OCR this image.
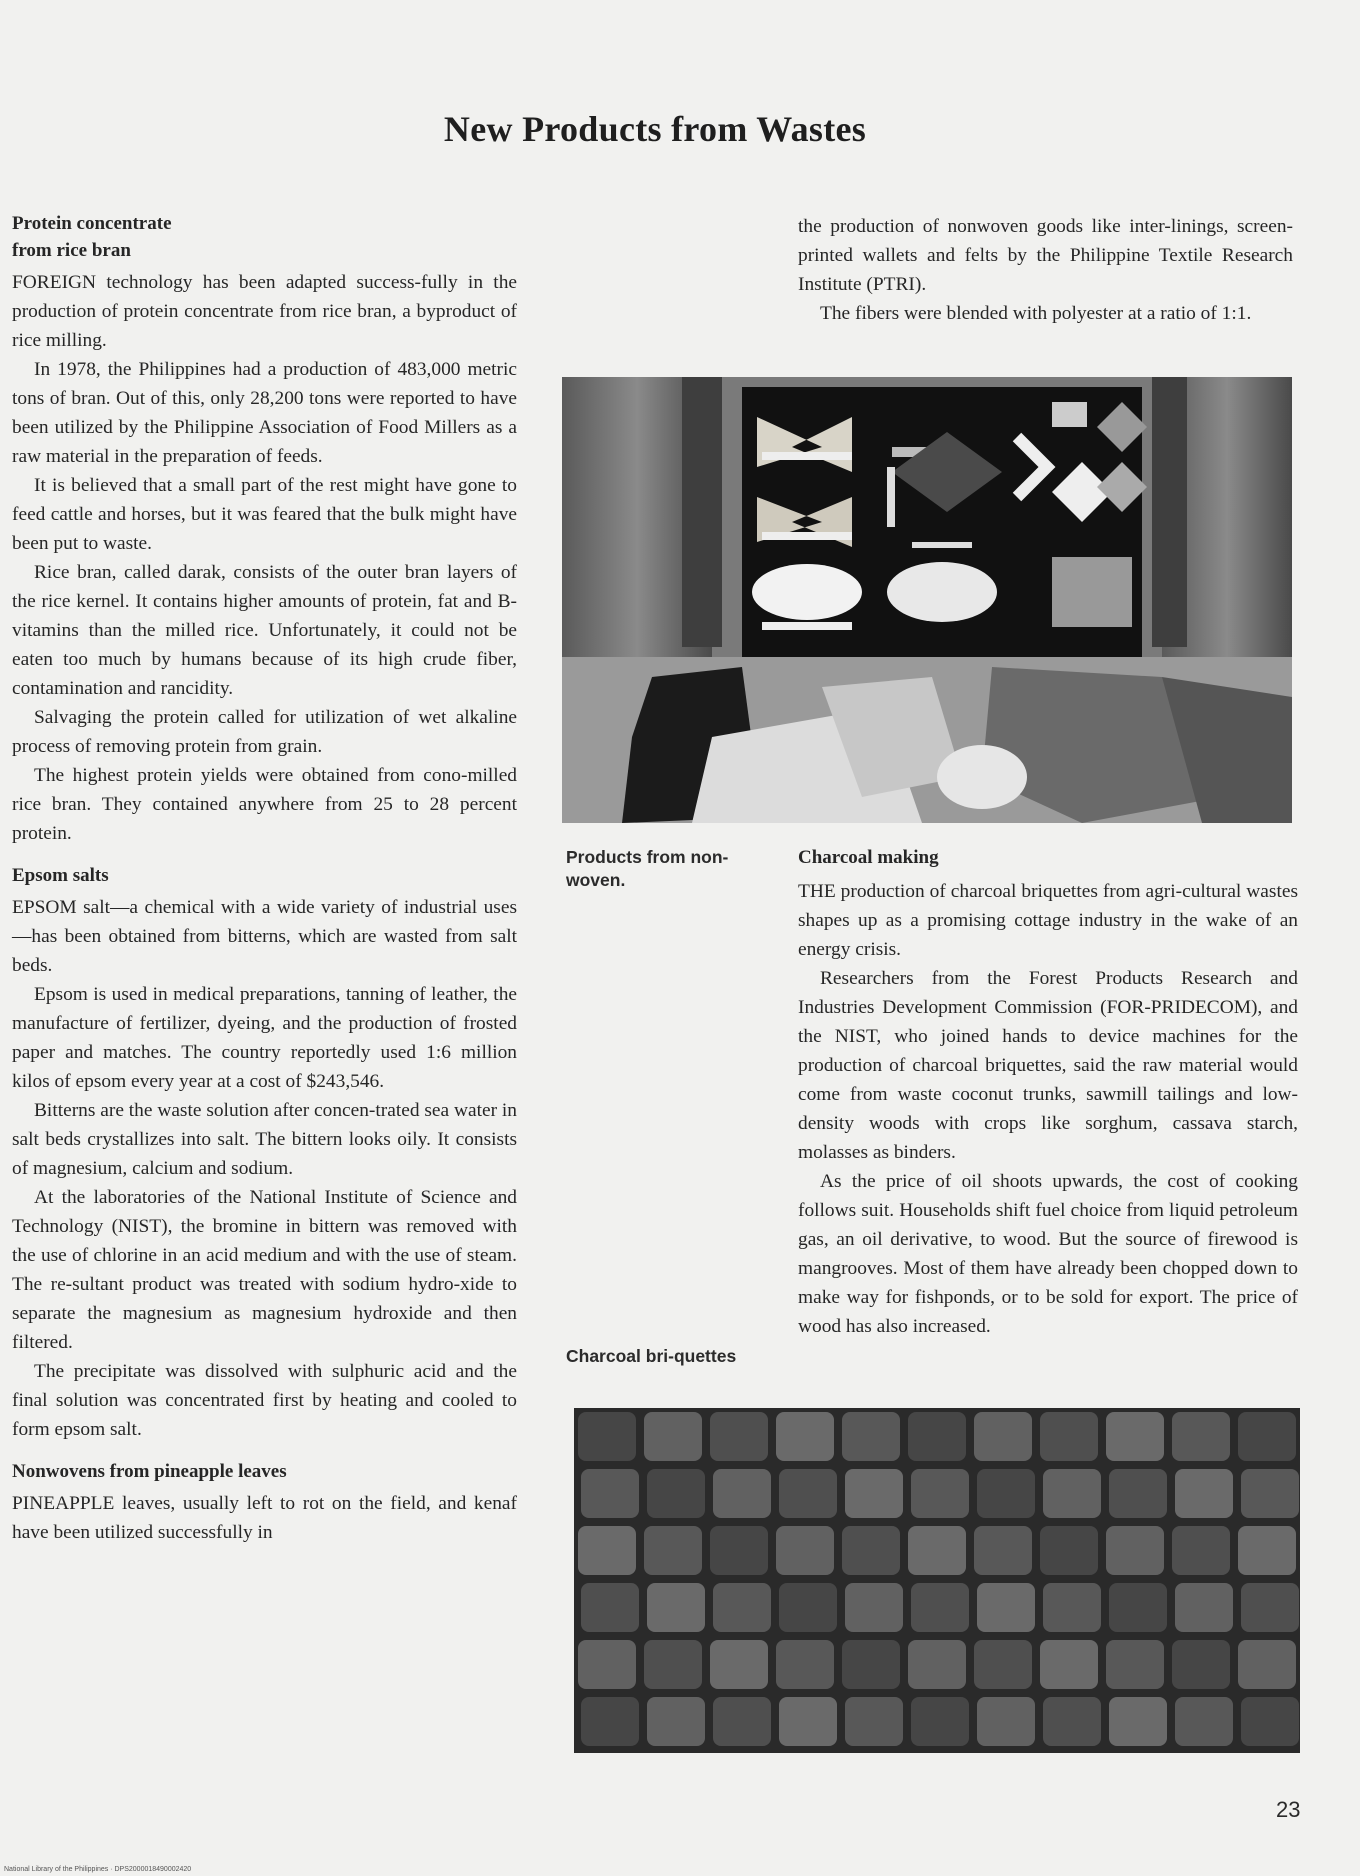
New Products from Wastes
Protein concentrate
from rice bran

FOREIGN technology has been adapted success-fully in the production of protein concentrate from rice bran, a byproduct of rice milling.

In 1978, the Philippines had a production of 483,000 metric tons of bran. Out of this, only 28,200 tons were reported to have been utilized by the Philippine Association of Food Millers as a raw material in the preparation of feeds.

It is believed that a small part of the rest might have gone to feed cattle and horses, but it was feared that the bulk might have been put to waste.

Rice bran, called darak, consists of the outer bran layers of the rice kernel. It contains higher amounts of protein, fat and B-vitamins than the milled rice. Unfortunately, it could not be eaten too much by humans because of its high crude fiber, contamination and rancidity.

Salvaging the protein called for utilization of wet alkaline process of removing protein from grain.

The highest protein yields were obtained from cono-milled rice bran. They contained anywhere from 25 to 28 percent protein.

Epsom salts

EPSOM salt—a chemical with a wide variety of industrial uses—has been obtained from bitterns, which are wasted from salt beds.

Epsom is used in medical preparations, tanning of leather, the manufacture of fertilizer, dyeing, and the production of frosted paper and matches. The country reportedly used 1:6 million kilos of epsom every year at a cost of $243,546.

Bitterns are the waste solution after concen-trated sea water in salt beds crystallizes into salt. The bittern looks oily. It consists of magnesium, calcium and sodium.

At the laboratories of the National Institute of Science and Technology (NIST), the bromine in bittern was removed with the use of chlorine in an acid medium and with the use of steam. The re-sultant product was treated with sodium hydro-xide to separate the magnesium as magnesium hydroxide and then filtered.

The precipitate was dissolved with sulphuric acid and the final solution was concentrated first by heating and cooled to form epsom salt.

Nonwovens from pineapple leaves

PINEAPPLE leaves, usually left to rot on the field, and kenaf have been utilized successfully in

the production of nonwoven goods like inter-linings, screen-printed wallets and felts by the Philippine Textile Research Institute (PTRI).

The fibers were blended with polyester at a ratio of 1:1.

Products from non-woven.
Charcoal making

THE production of charcoal briquettes from agri-cultural wastes shapes up as a promising cottage industry in the wake of an energy crisis.

Researchers from the Forest Products Research and Industries Development Commission (FOR-PRIDECOM), and the NIST, who joined hands to device machines for the production of charcoal briquettes, said the raw material would come from waste coconut trunks, sawmill tailings and low-density woods with crops like sorghum, cassava starch, molasses as binders.

As the price of oil shoots upwards, the cost of cooking follows suit. Households shift fuel choice from liquid petroleum gas, an oil derivative, to wood. But the source of firewood is mangrooves. Most of them have already been chopped down to make way for fishponds, or to be sold for export. The price of wood has also increased.

Charcoal bri-quettes
23
National Library of the Philippines · DPS2000018490002420
